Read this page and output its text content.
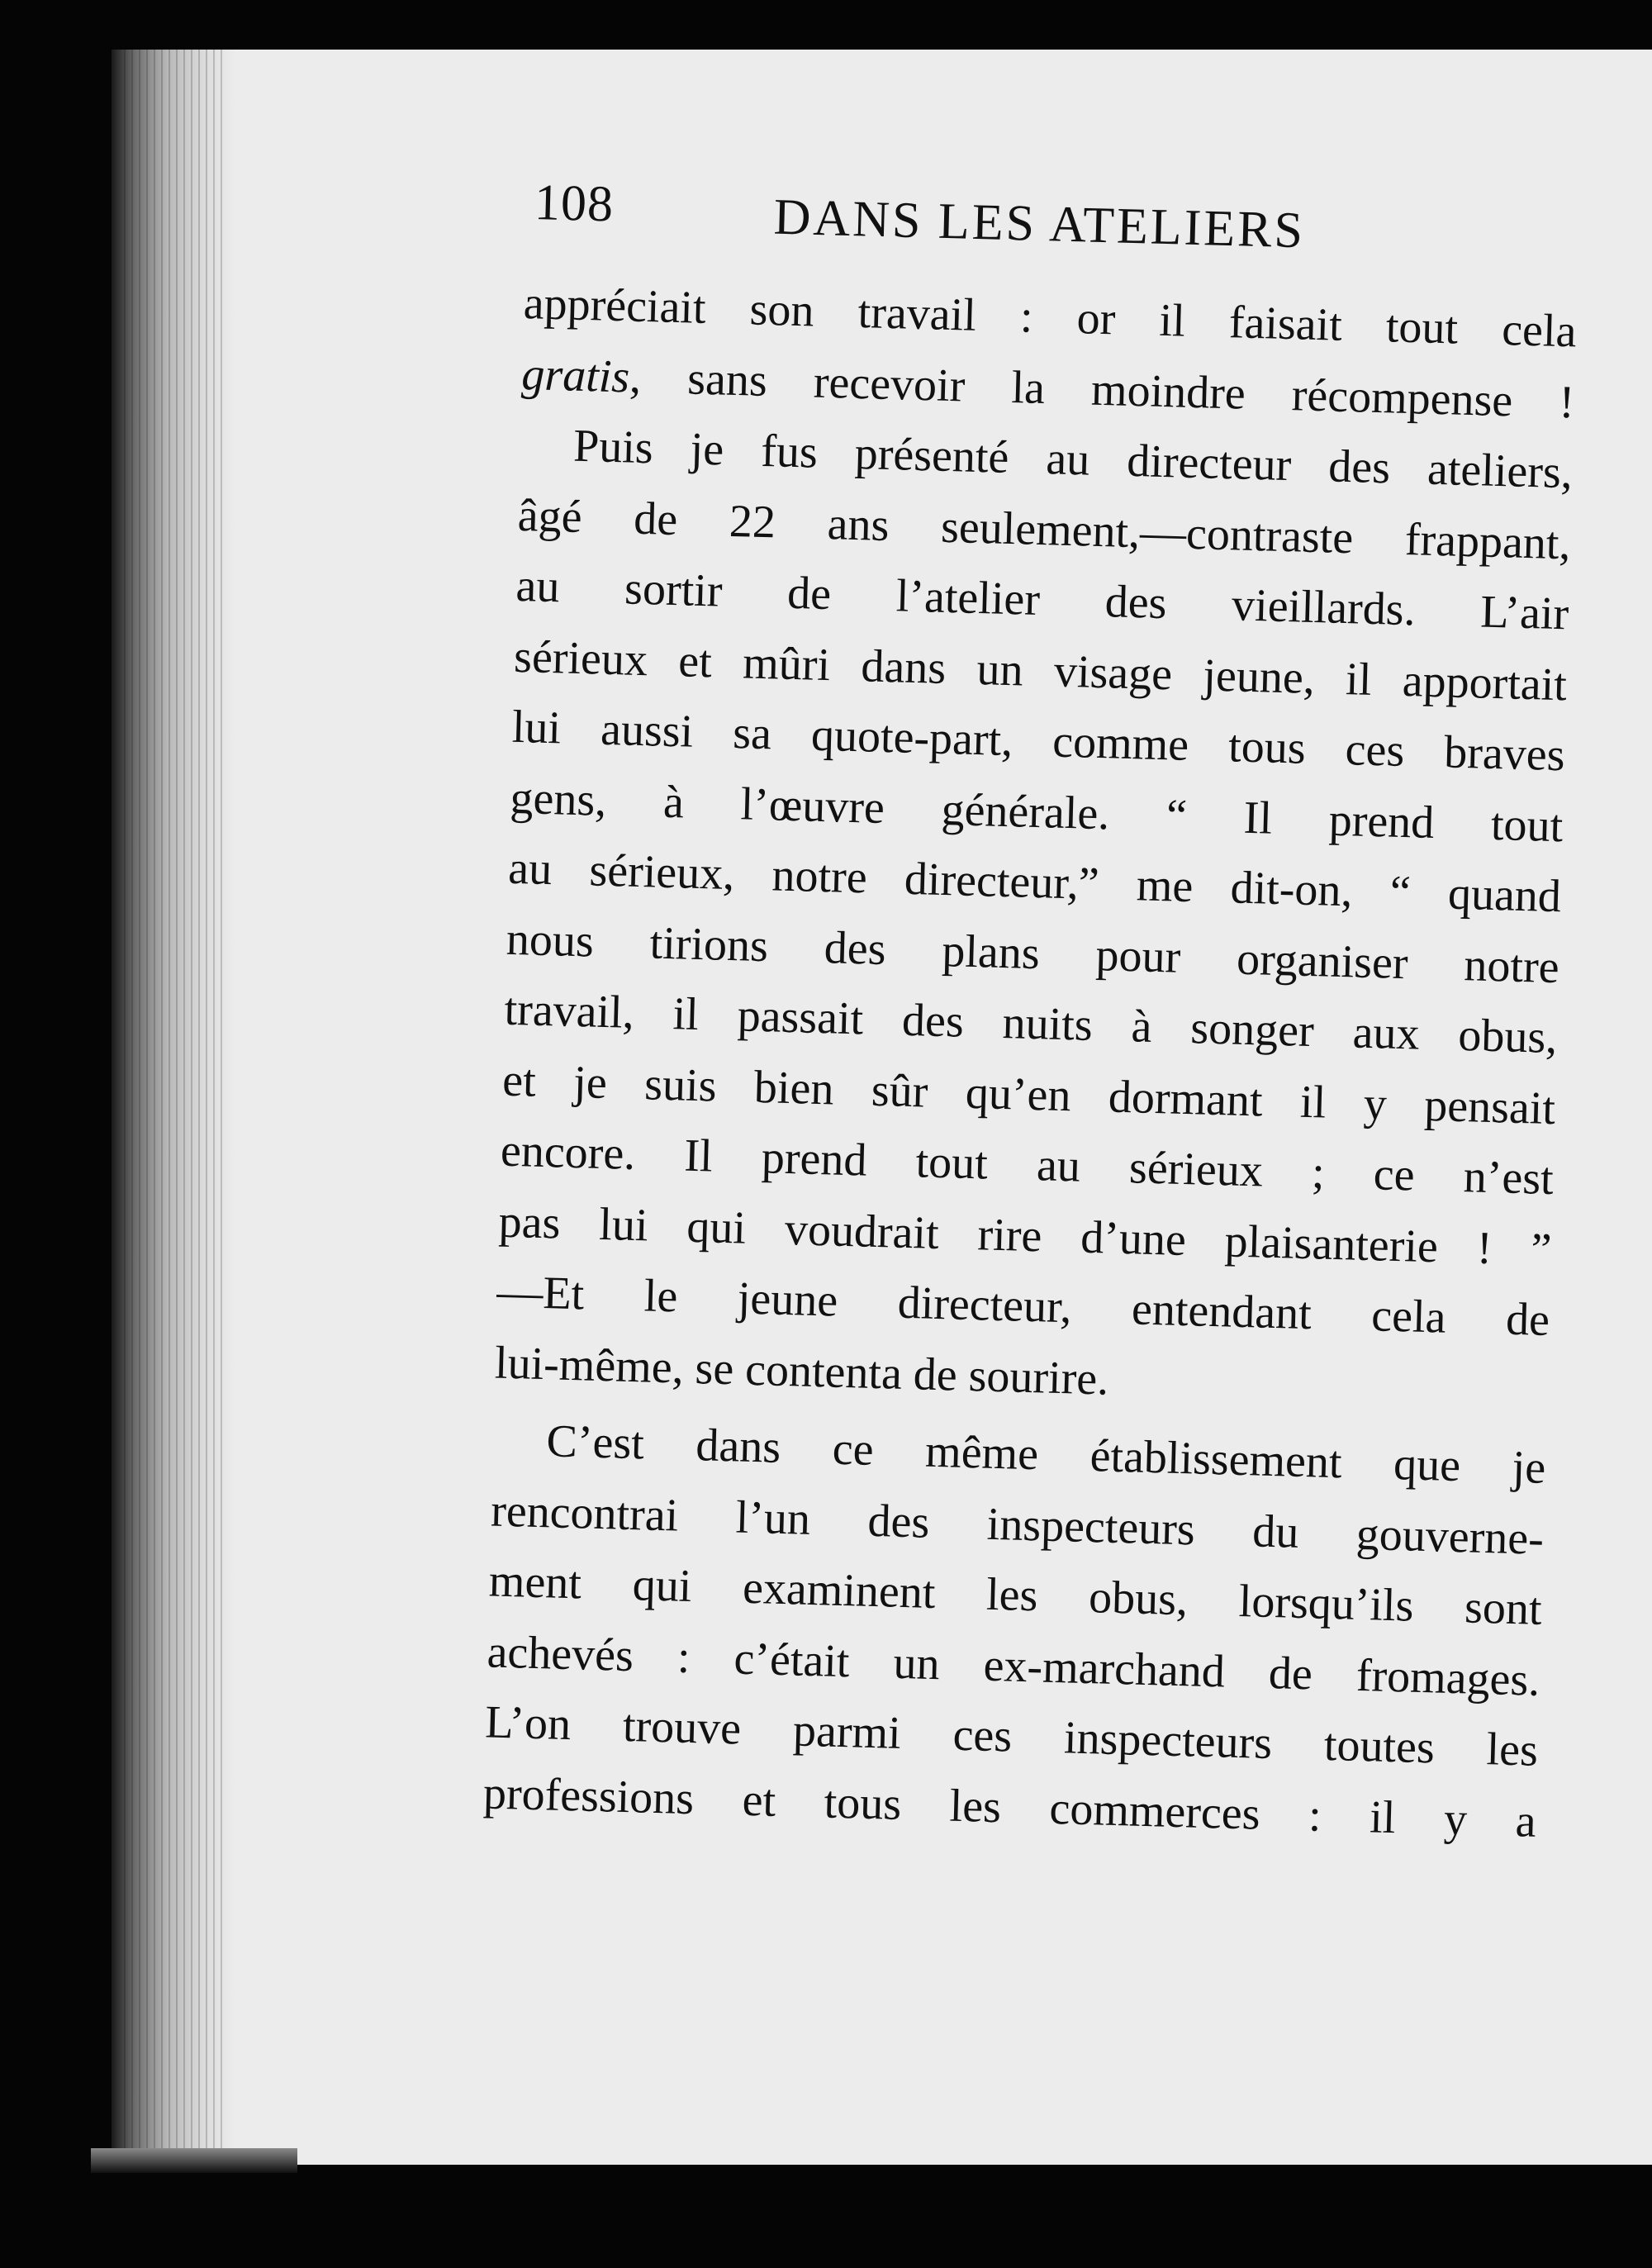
108	DANS LES ATELIERS
appréciait son travail : or il faisait tout cela
gratis, sans recevoir la moindre récompense !
Puis je fus présenté au directeur des ateliers,
âgé de 22 ans seulement,—contraste frappant,
au sortir de l’atelier des vieillards. L’air
sérieux et mûri dans un visage jeune, il apportait
lui aussi sa quote-part, comme tous ces braves
gens, à l’œuvre générale. “ Il prend tout
au sérieux, notre directeur,” me dit-on, “ quand
nous tirions des plans pour organiser notre
travail, il passait des nuits à songer aux obus,
et je suis bien sûr qu’en dormant il y pensait
encore. Il prend tout au sérieux ; ce n’est
pas lui qui voudrait rire d’une plaisanterie ! ”
—Et le jeune directeur, entendant cela de
lui-même, se contenta de sourire.
C’est dans ce même établissement que je
rencontrai l’un des inspecteurs du gouverne-
ment qui examinent les obus, lorsqu’ils sont
achevés : c’était un ex-marchand de fromages.
L’on trouve parmi ces inspecteurs toutes les
professions et tous les commerces : il y a
